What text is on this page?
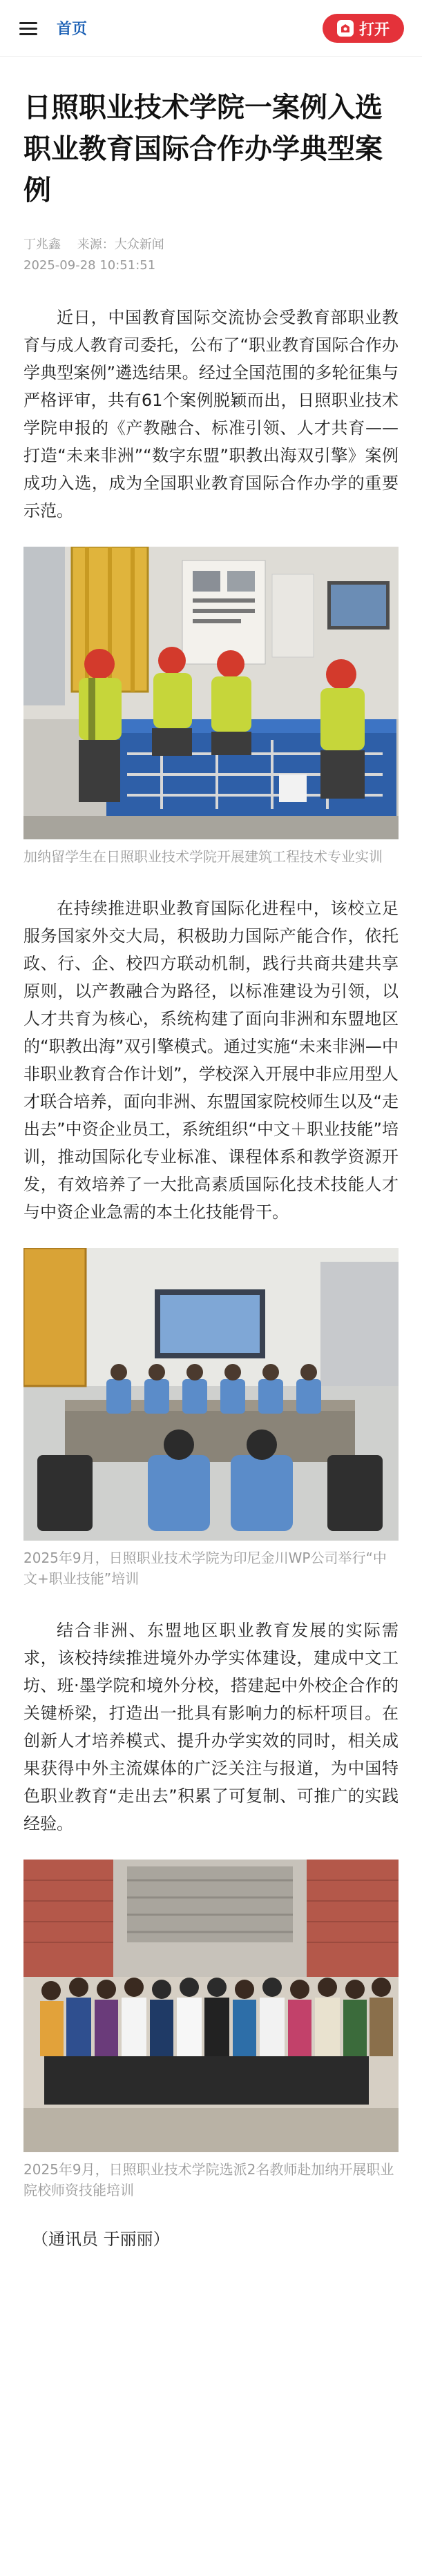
首页	打开
日照职业技术学院一案例入选职业教育国际合作办学典型案例
丁兆鑫 来源：大众新闻
2025-09-28 10:51:51

近日，中国教育国际交流协会受教育部职业教育与成人教育司委托，公布了“职业教育国际合作办学典型案例”遴选结果。经过全国范围的多轮征集与严格评审，共有61个案例脱颖而出，日照职业技术学院申报的《产教融合、标准引领、人才共育——打造“未来非洲”“数字东盟”职教出海双引擎》案例成功入选，成为全国职业教育国际合作办学的重要示范。

加纳留学生在日照职业技术学院开展建筑工程技术专业实训

在持续推进职业教育国际化进程中，该校立足服务国家外交大局，积极助力国际产能合作，依托政、行、企、校四方联动机制，践行共商共建共享原则，以产教融合为路径，以标准建设为引领，以人才共育为核心，系统构建了面向非洲和东盟地区的“职教出海”双引擎模式。通过实施“未来非洲—中非职业教育合作计划”，学校深入开展中非应用型人才联合培养，面向非洲、东盟国家院校师生以及“走出去”中资企业员工，系统组织“中文＋职业技能”培训，推动国际化专业标准、课程体系和教学资源开发，有效培养了一大批高素质国际化技术技能人才与中资企业急需的本土化技能骨干。

2025年9月，日照职业技术学院为印尼金川WP公司举行“中文+职业技能”培训

结合非洲、东盟地区职业教育发展的实际需求，该校持续推进境外办学实体建设，建成中文工坊、班·墨学院和境外分校，搭建起中外校企合作的关键桥梁，打造出一批具有影响力的标杆项目。在创新人才培养模式、提升办学实效的同时，相关成果获得中外主流媒体的广泛关注与报道，为中国特色职业教育“走出去”积累了可复制、可推广的实践经验。

2025年9月，日照职业技术学院选派2名教师赴加纳开展职业院校师资技能培训
（通讯员 于丽丽）
